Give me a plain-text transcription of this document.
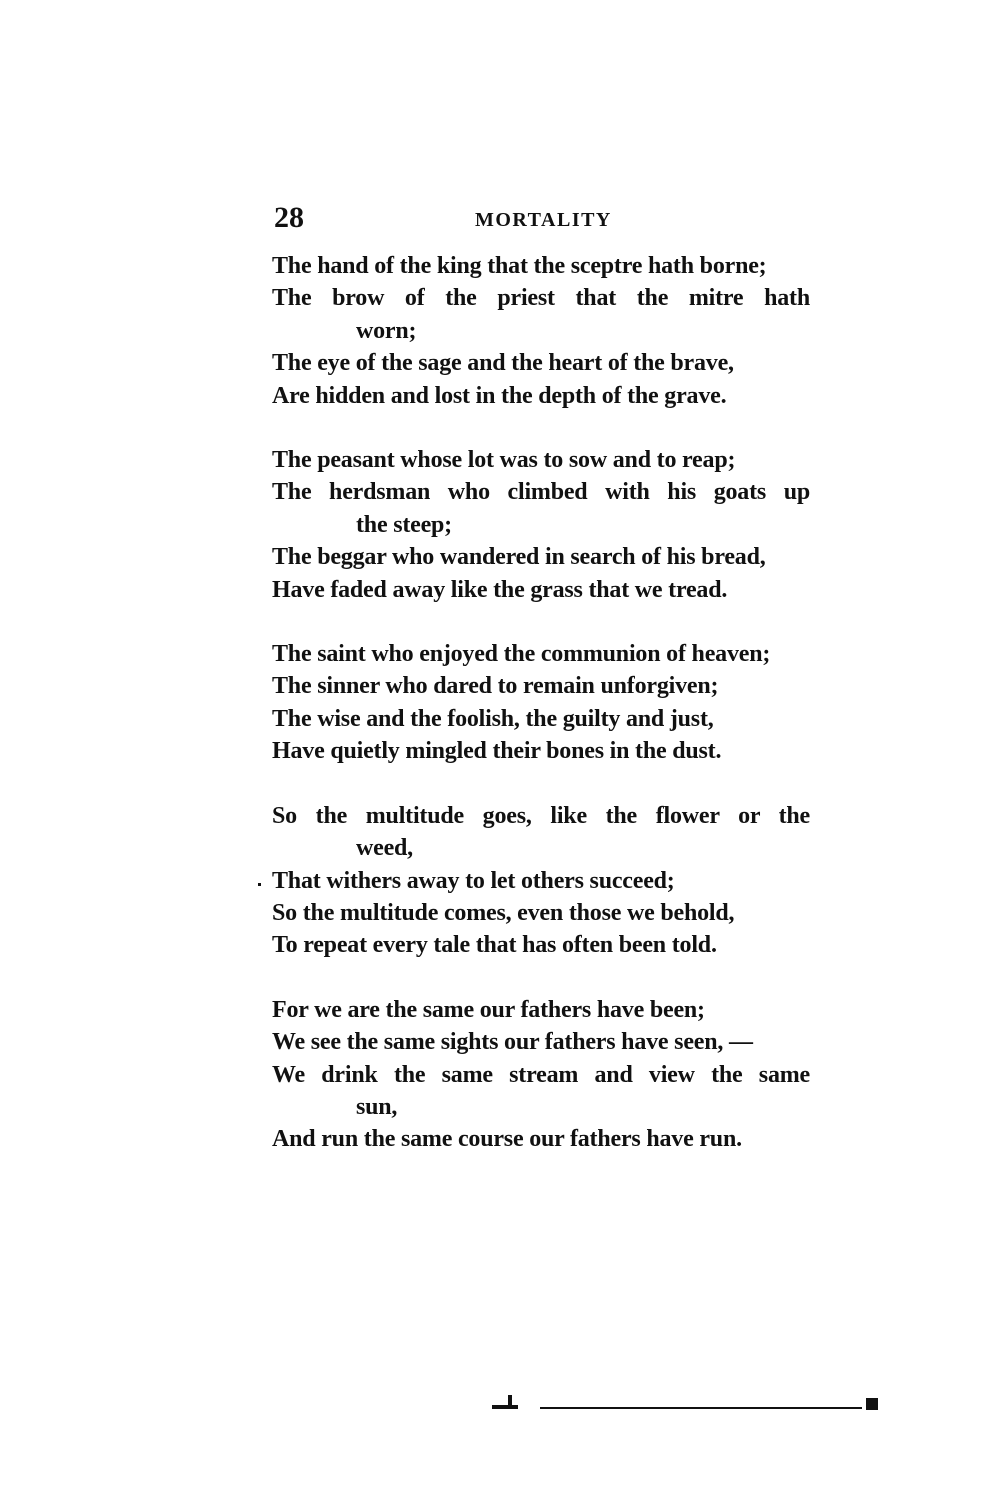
28	MORTALITY
The hand of the king that the sceptre hath borne;
The brow of the priest that the mitre hath
worn;
The eye of the sage and the heart of the brave,
Are hidden and lost in the depth of the grave.
The peasant whose lot was to sow and to reap;
The herdsman who climbed with his goats up
the steep;
The beggar who wandered in search of his bread,
Have faded away like the grass that we tread.
The saint who enjoyed the communion of heaven;
The sinner who dared to remain unforgiven;
The wise and the foolish, the guilty and just,
Have quietly mingled their bones in the dust.
So the multitude goes, like the flower or the
weed,
That withers away to let others succeed;
So the multitude comes, even those we behold,
To repeat every tale that has often been told.
For we are the same our fathers have been;
We see the same sights our fathers have seen, —
We drink the same stream and view the same
sun,
And run the same course our fathers have run.
